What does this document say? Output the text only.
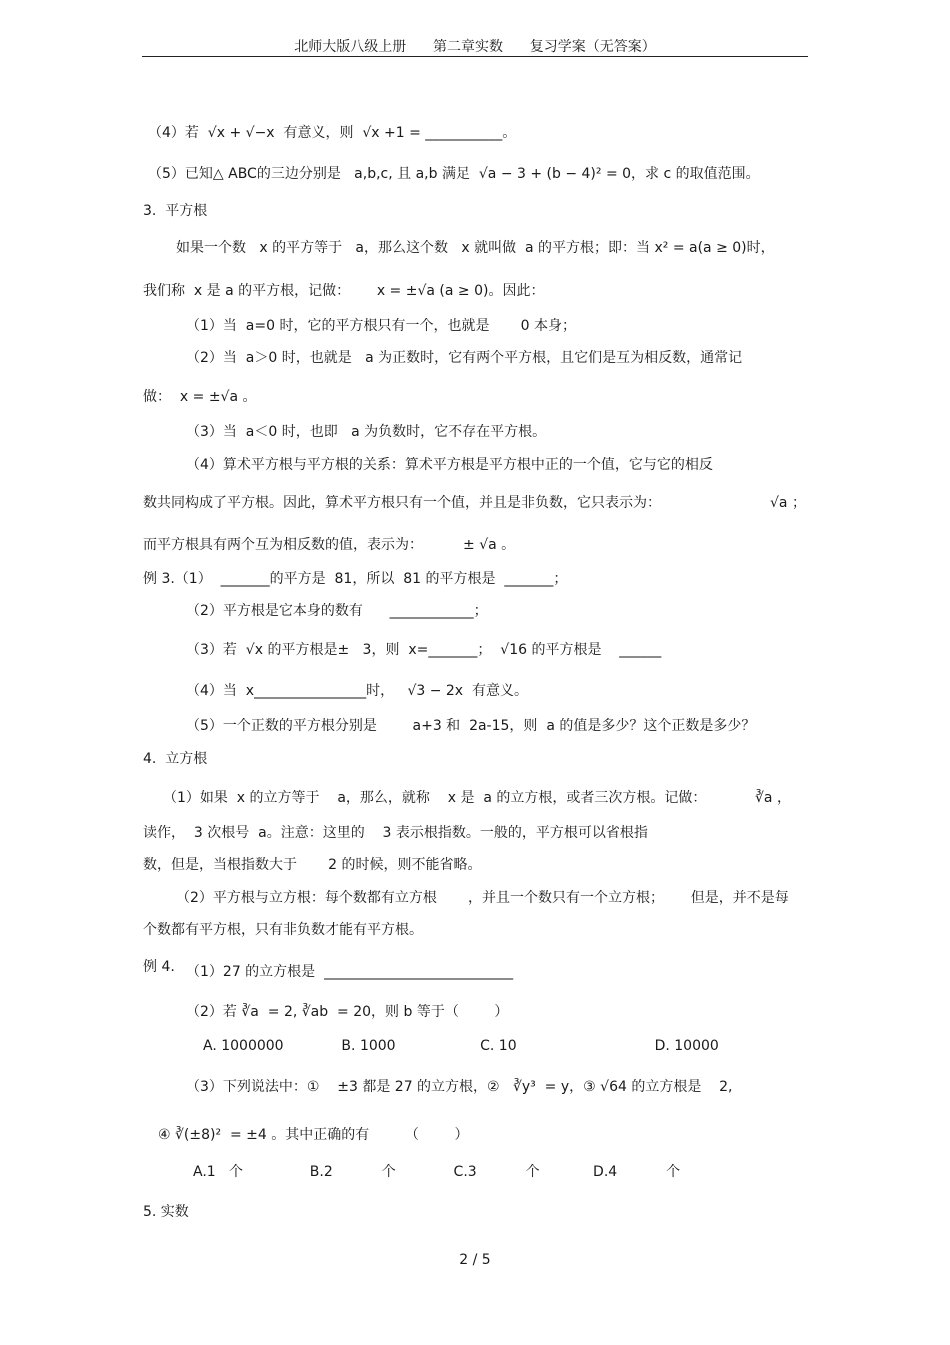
北师大版八级上册      第二章实数      复习学案（无答案）
（4）若  √x + √−x  有意义，则  √x +1 = ___________。
（5）已知△ ABC的三边分别是   a,b,c, 且 a,b 满足  √a − 3 + (b − 4)² = 0，求 c 的取值范围。
3.  平方根
如果一个数   x 的平方等于   a，那么这个数   x 就叫做  a 的平方根；即：当 x² = a(a ≥ 0)时，
我们称  x 是 a 的平方根，记做：      x = ±√a (a ≥ 0)。因此：
（1）当  a=0 时，它的平方根只有一个，也就是       0 本身；
（2）当  a＞0 时，也就是   a 为正数时，它有两个平方根，且它们是互为相反数，通常记
做：  x = ±√a 。
（3）当  a＜0 时，也即   a 为负数时，它不存在平方根。
（4）算术平方根与平方根的关系：算术平方根是平方根中正的一个值，它与它的相反
数共同构成了平方根。因此，算术平方根只有一个值，并且是非负数，它只表示为：	√a ；
而平方根具有两个互为相反数的值，表示为：         ± √a 。
例 3.（1）  _______的平方是  81，所以  81 的平方根是  _______；
（2）平方根是它本身的数有      ____________；
（3）若  √x 的平方根是±   3，则  x=_______；  √16 的平方根是    ______
（4）当  x________________时，   √3 − 2x  有意义。
（5）一个正数的平方根分别是        a+3 和  2a-15，则  a 的值是多少？这个正数是多少？
4.  立方根
（1）如果  x 的立方等于    a，那么，就称    x 是  a 的立方根，或者三次方根。记做：	∛a ，
读作，  3 次根号  a。注意：这里的    3 表示根指数。一般的，平方根可以省根指
数，但是，当根指数大于       2 的时候，则不能省略。
（2）平方根与立方根：每个数都有立方根       ，并且一个数只有一个立方根；      但是，并不是每
个数都有平方根，只有非负数才能有平方根。
例 4. （1）27 的立方根是  ___________________________
（2）若 ∛a  = 2, ∛ab  = 20，则 b 等于（        ）
A. 1000000             B. 1000                   C. 10                               D. 10000
（3）下列说法中：①    ±3 都是 27 的立方根，②   ∛y³  = y，③ √64 的立方根是    2,
④ ∛(±8)²  = ±4 。其中正确的有        （        ）
A.1   个               B.2           个             C.3           个            D.4           个
5. 实数
2 / 5
